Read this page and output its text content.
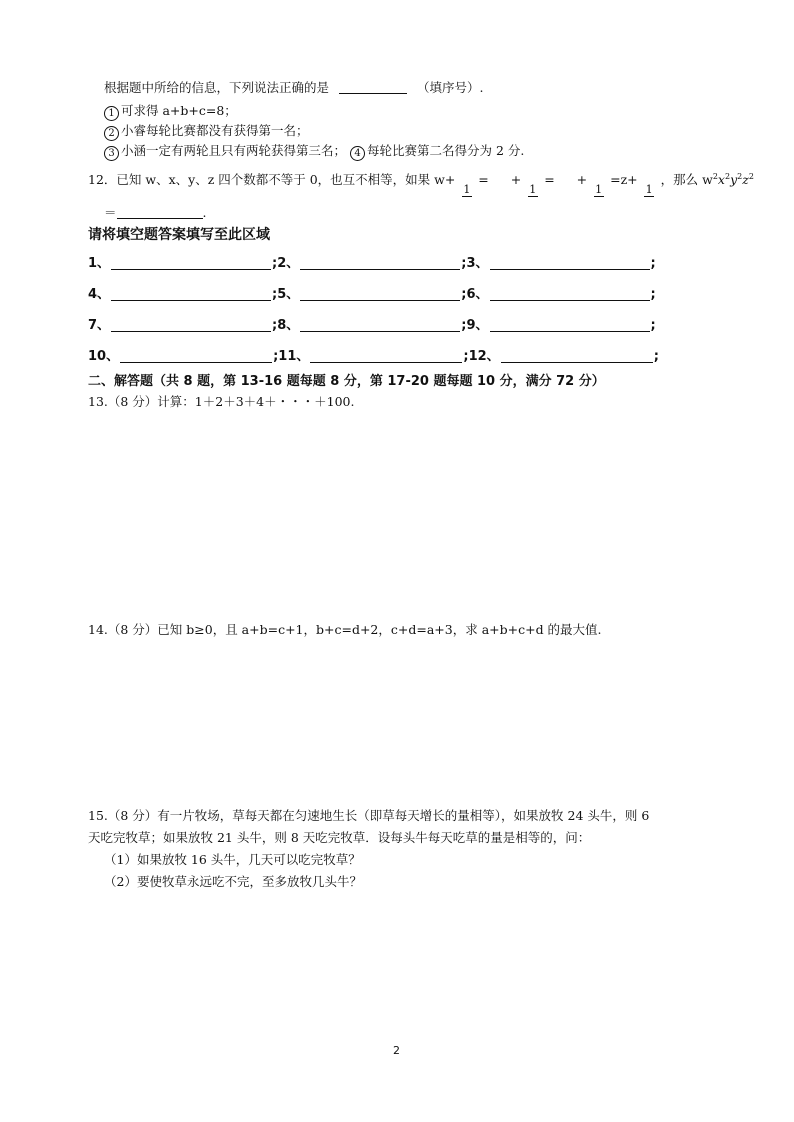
根据题中所给的信息，下列说法正确的是	（填序号）.
1 可求得 a+b+c=8；
2 小睿每轮比赛都没有获得第一名；
3 小涵一定有两轮且只有两轮获得第三名； 4 每轮比赛第二名得分为 2 分.
12．已知 w、x、y、z 四个数都不等于 0，也互不相等，如果 w+
1
= +
1
= +
1
=z+
1
，那么 $w^2x^2y^2z^2$
＝	.
请将填空题答案填写至此区域
1、	;2、	;3、	;
4、	;5、	;6、	;
7、	;8、	;9、	;
10、	;11、	;12、	;
二、解答题（共 8 题，第 13-16 题每题 8 分，第 17-20 题每题 10 分，满分 72 分）
13.（8 分）计算：1＋2＋3＋4＋・・・＋100.
14.（8 分）已知 b≥0，且 a+b=c+1，b+c=d+2，c+d=a+3，求 a+b+c+d 的最大值.
15.（8 分）有一片牧场，草每天都在匀速地生长（即草每天增长的量相等），如果放牧 24 头牛，则 6
天吃完牧草；如果放牧 21 头牛，则 8 天吃完牧草．设每头牛每天吃草的量是相等的，问：
（1）如果放牧 16 头牛，几天可以吃完牧草？
（2）要使牧草永远吃不完，至多放牧几头牛？
2
